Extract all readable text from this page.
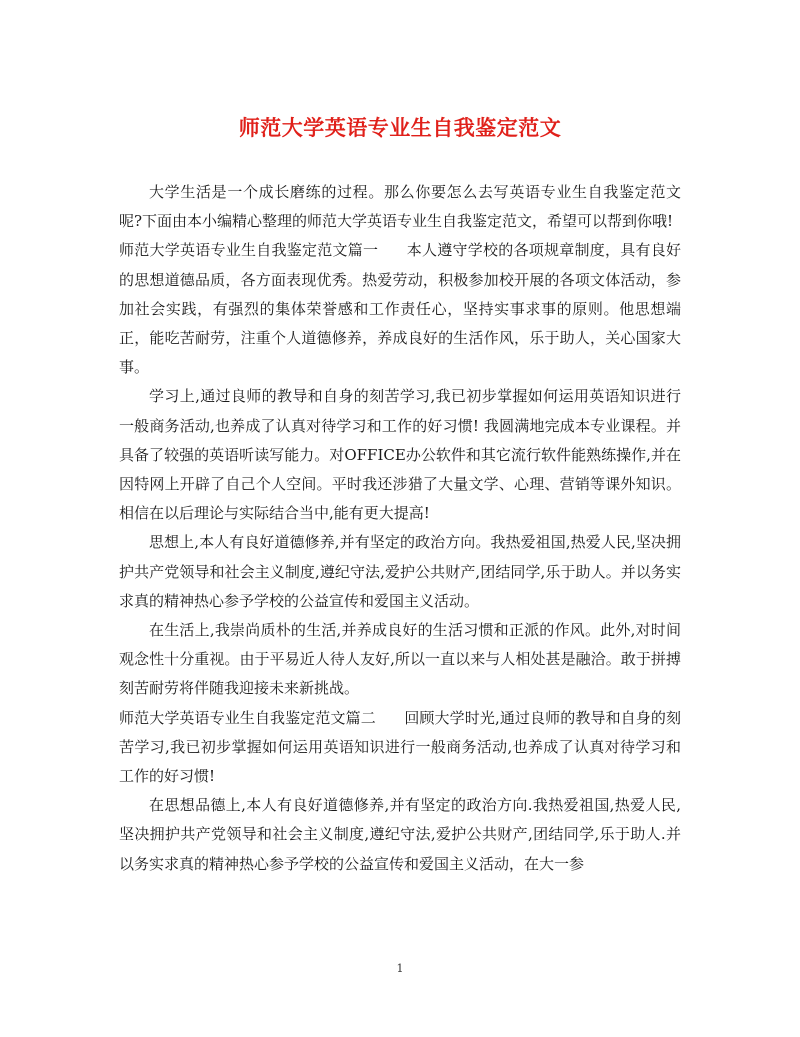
师范大学英语专业生自我鉴定范文

大学生活是一个成长磨练的过程。那么你要怎么去写英语专业生自我鉴定范文呢?下面由本小编精心整理的师范大学英语专业生自我鉴定范文，希望可以帮到你哦!

师范大学英语专业生自我鉴定范文篇一 本人遵守学校的各项规章制度，具有良好的思想道德品质，各方面表现优秀。热爱劳动，积极参加校开展的各项文体活动，参加社会实践，有强烈的集体荣誉感和工作责任心，坚持实事求事的原则。他思想端正，能吃苦耐劳，注重个人道德修养，养成良好的生活作风，乐于助人，关心国家大事。

学习上,通过良师的教导和自身的刻苦学习,我已初步掌握如何运用英语知识进行 一般商务活动,也养成了认真对待学习和工作的好习惯! 我圆满地完成本专业课程。并具备了较强的英语听读写能力。对OFFICE办公软件和其它流行软件能熟练操作,并在因特网上开辟了自己个人空间。平时我还涉猎了大量文学、心理、营销等课外知识。相信在以后理论与实际结合当中,能有更大提高!

思想上,本人有良好道德修养,并有坚定的政治方向。我热爱祖国,热爱人民,坚决拥护共产党领导和社会主义制度,遵纪守法,爱护公共财产,团结同学,乐于助人。并以务实求真的精神热心参予学校的公益宣传和爱国主义活动。

在生活上,我崇尚质朴的生活,并养成良好的生活习惯和正派的作风。此外,对时间观念性十分重视。由于平易近人待人友好,所以一直以来与人相处甚是融洽。敢于拼搏刻苦耐劳将伴随我迎接未来新挑战。

师范大学英语专业生自我鉴定范文篇二 回顾大学时光,通过良师的教导和自身的刻苦学习,我已初步掌握如何运用英语知识进行一般商务活动,也养成了认真对待学习和工作的好习惯!

在思想品德上,本人有良好道德修养,并有坚定的政治方向.我热爱祖国,热爱人民,坚决拥护共产党领导和社会主义制度,遵纪守法,爱护公共财产,团结同学,乐于助人.并以务实求真的精神热心参予学校的公益宣传和爱国主义活动，在大一参

1
